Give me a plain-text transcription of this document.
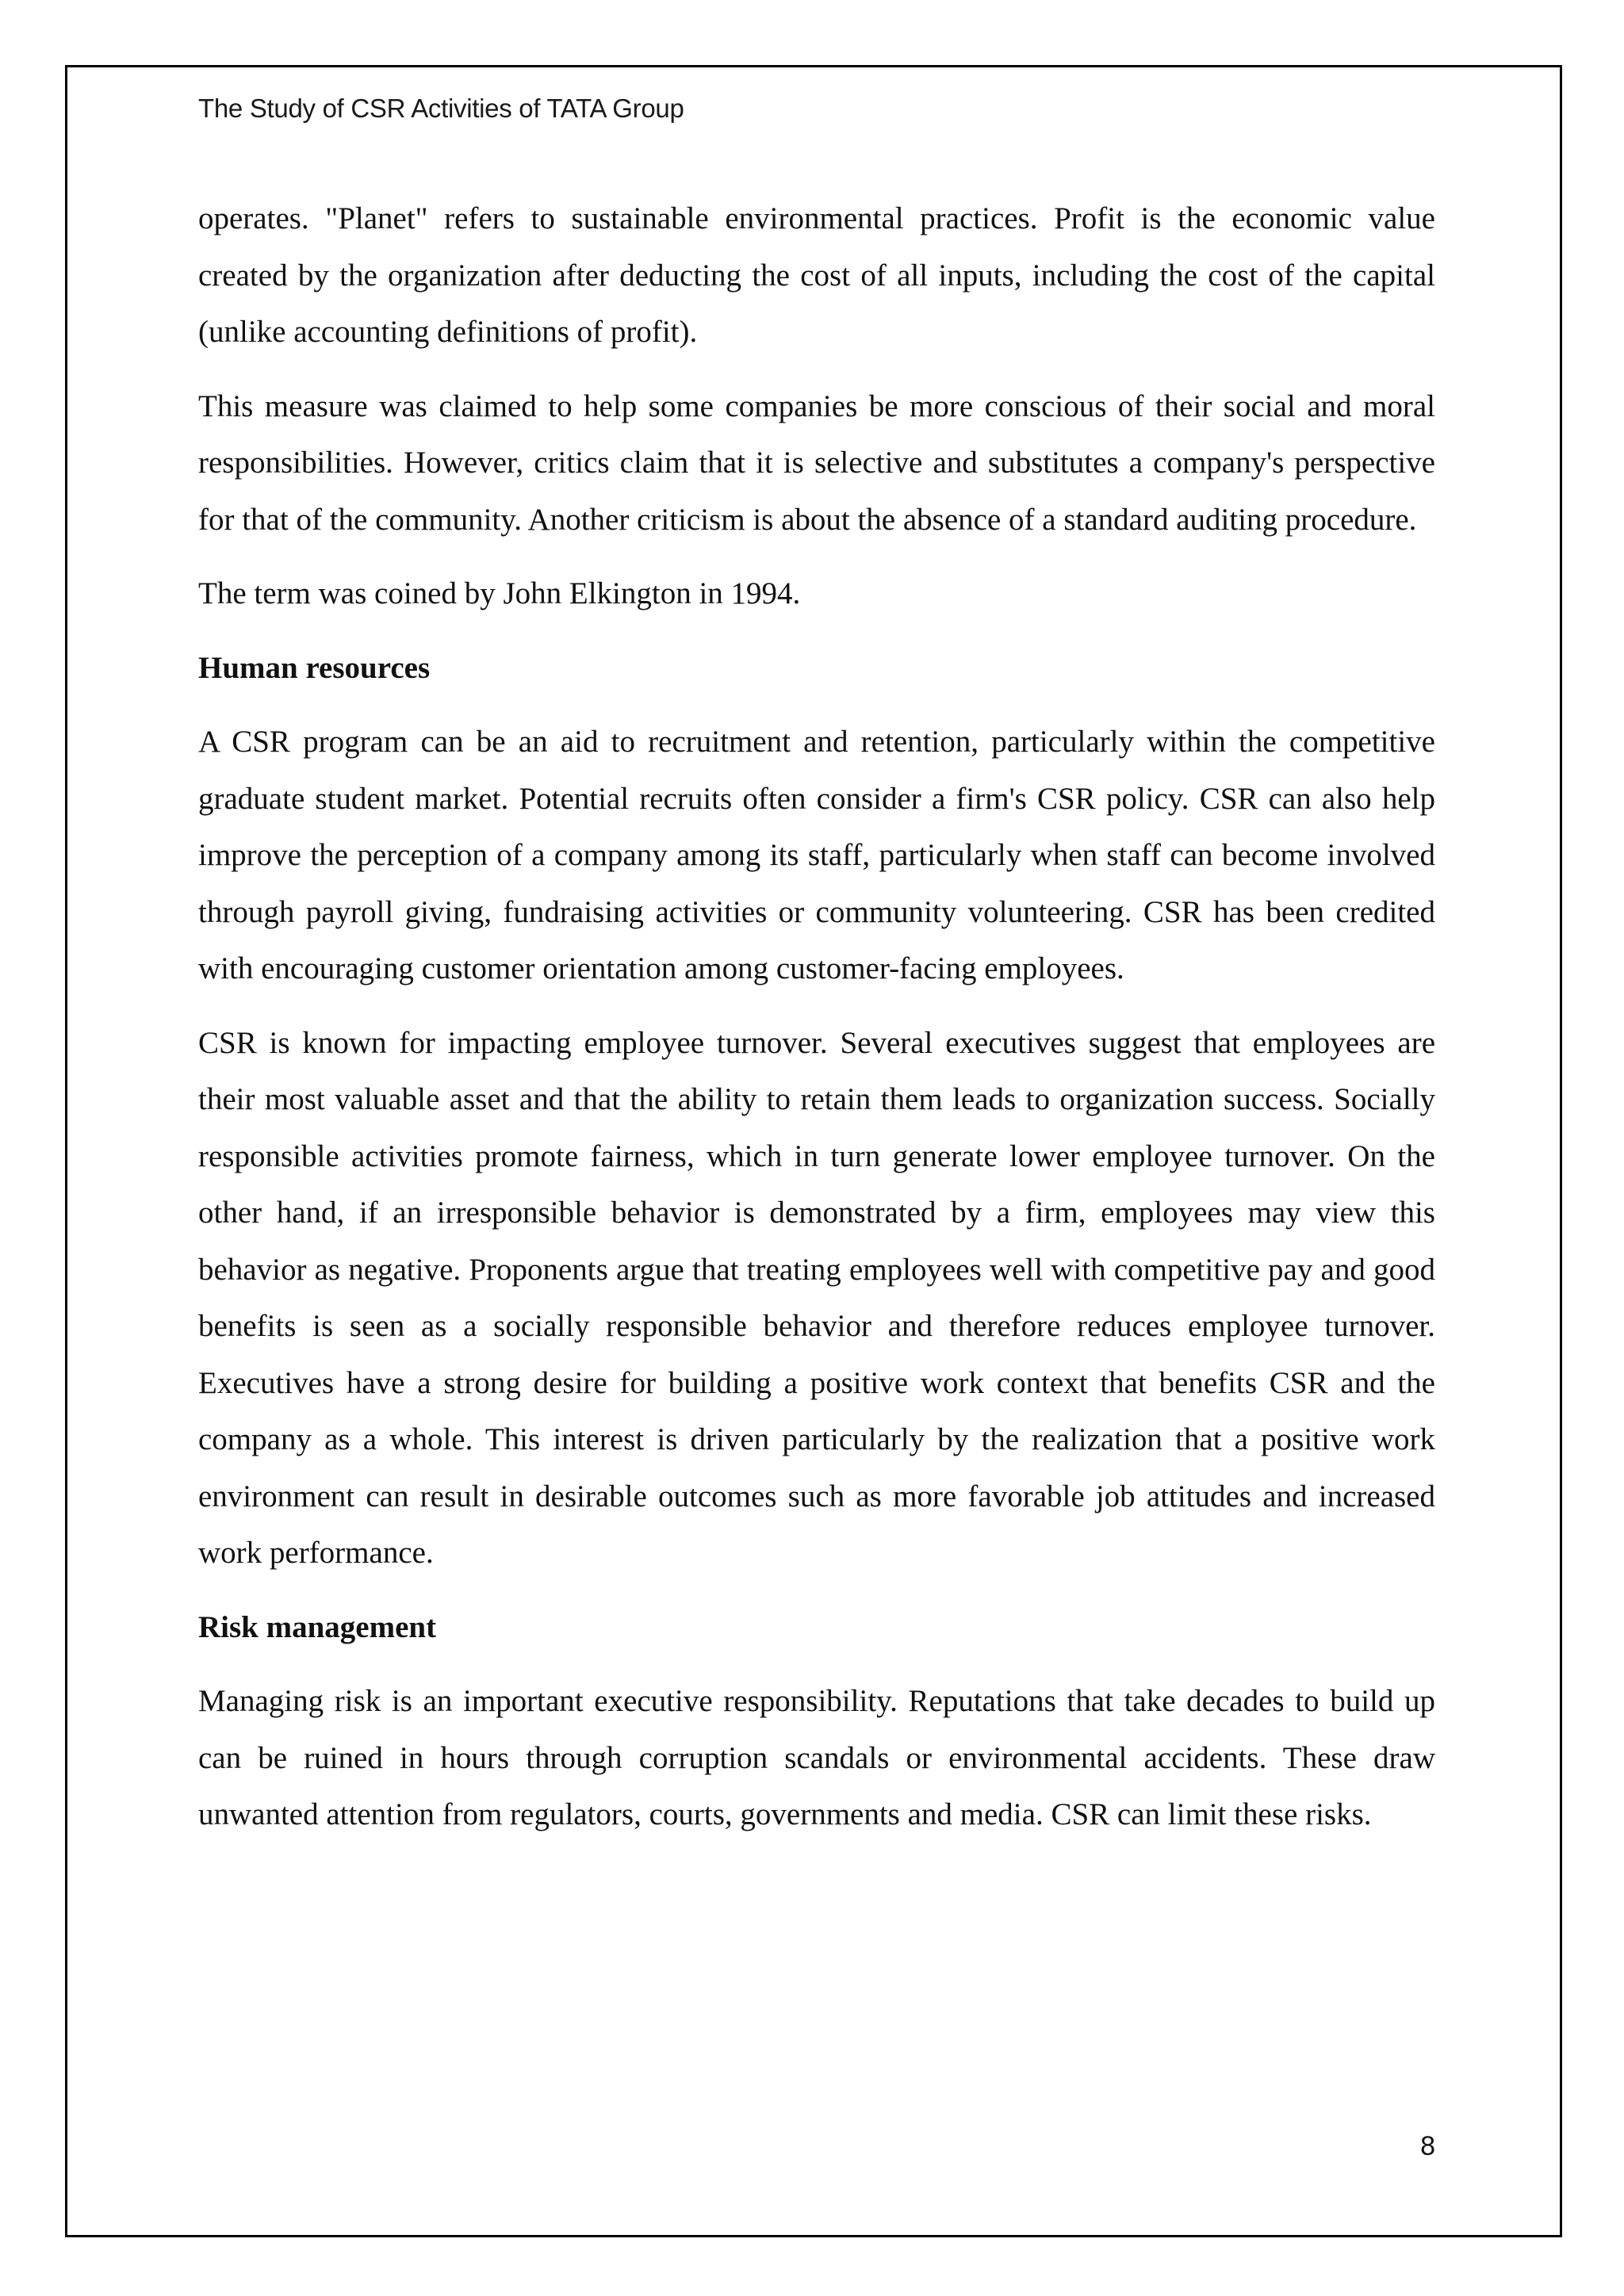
The Study of CSR Activities of TATA Group

operates. "Planet" refers to sustainable environmental practices. Profit is the economic value created by the organization after deducting the cost of all inputs, including the cost of the capital (unlike accounting definitions of profit).

This measure was claimed to help some companies be more conscious of their social and moral responsibilities. However, critics claim that it is selective and substitutes a company's perspective for that of the community. Another criticism is about the absence of a standard auditing procedure.

The term was coined by John Elkington in 1994.

Human resources

A CSR program can be an aid to recruitment and retention, particularly within the competitive graduate student market. Potential recruits often consider a firm's CSR policy. CSR can also help improve the perception of a company among its staff, particularly when staff can become involved through payroll giving, fundraising activities or community volunteering. CSR has been credited with encouraging customer orientation among customer-facing employees.

CSR is known for impacting employee turnover. Several executives suggest that employees are their most valuable asset and that the ability to retain them leads to organization success. Socially responsible activities promote fairness, which in turn generate lower employee turnover. On the other hand, if an irresponsible behavior is demonstrated by a firm, employees may view this behavior as negative. Proponents argue that treating employees well with competitive pay and good benefits is seen as a socially responsible behavior and therefore reduces employee turnover. Executives have a strong desire for building a positive work context that benefits CSR and the company as a whole. This interest is driven particularly by the realization that a positive work environment can result in desirable outcomes such as more favorable job attitudes and increased work performance.

Risk management

Managing risk is an important executive responsibility. Reputations that take decades to build up can be ruined in hours through corruption scandals or environmental accidents. These draw unwanted attention from regulators, courts, governments and media. CSR can limit these risks.

8
